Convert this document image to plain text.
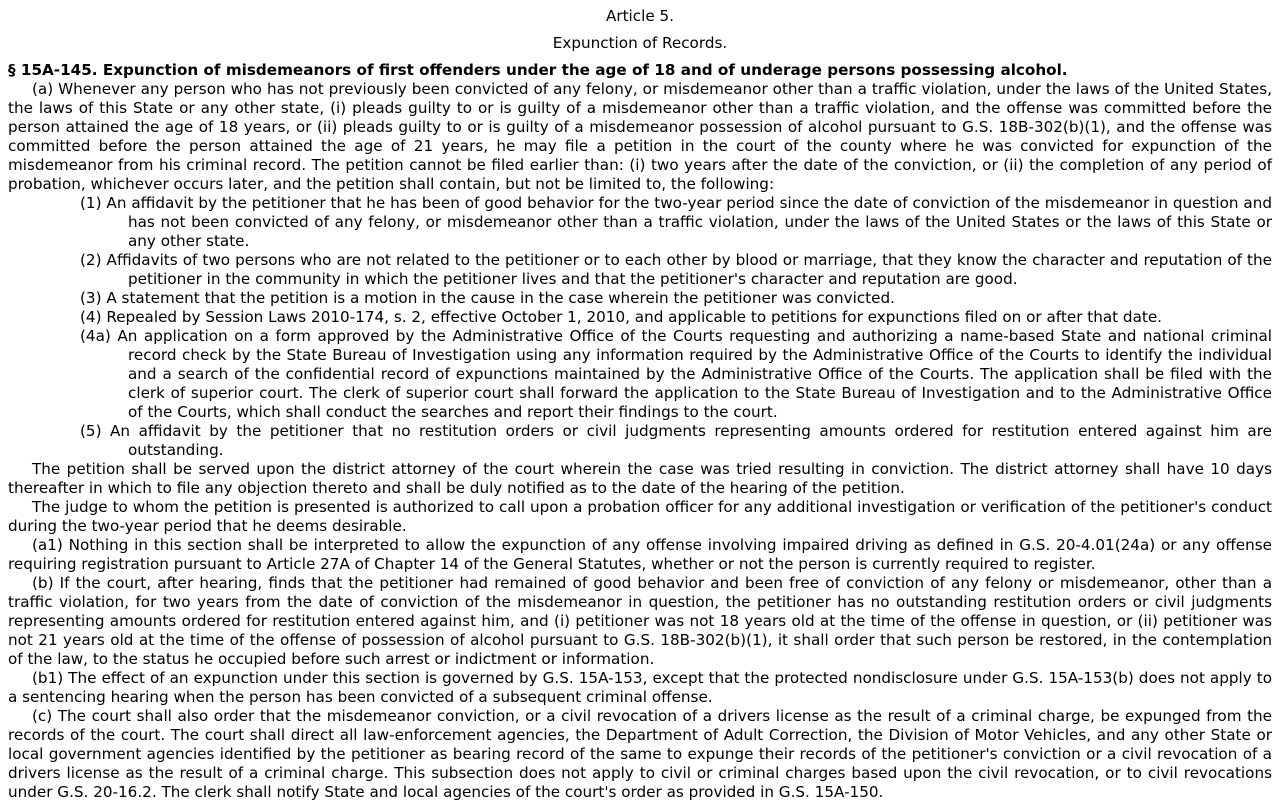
Article 5.
Expunction of Records.
§ 15A-145. Expunction of misdemeanors of first offenders under the age of 18 and of underage persons possessing alcohol.

(a) Whenever any person who has not previously been convicted of any felony, or misdemeanor other than a traffic violation, under the laws of the United States, the laws of this State or any other state, (i) pleads guilty to or is guilty of a misdemeanor other than a traffic violation, and the offense was committed before the person attained the age of 18 years, or (ii) pleads guilty to or is guilty of a misdemeanor possession of alcohol pursuant to G.S. 18B-302(b)(1), and the offense was committed before the person attained the age of 21 years, he may file a petition in the court of the county where he was convicted for expunction of the misdemeanor from his criminal record. The petition cannot be filed earlier than: (i) two years after the date of the conviction, or (ii) the completion of any period of probation, whichever occurs later, and the petition shall contain, but not be limited to, the following:

(1) An affidavit by the petitioner that he has been of good behavior for the two-year period since the date of conviction of the misdemeanor in question and has not been convicted of any felony, or misdemeanor other than a traffic violation, under the laws of the United States or the laws of this State or any other state.

(2) Affidavits of two persons who are not related to the petitioner or to each other by blood or marriage, that they know the character and reputation of the petitioner in the community in which the petitioner lives and that the petitioner's character and reputation are good.

(3) A statement that the petition is a motion in the cause in the case wherein the petitioner was convicted.

(4) Repealed by Session Laws 2010-174, s. 2, effective October 1, 2010, and applicable to petitions for expunctions filed on or after that date.

(4a) An application on a form approved by the Administrative Office of the Courts requesting and authorizing a name-based State and national criminal record check by the State Bureau of Investigation using any information required by the Administrative Office of the Courts to identify the individual and a search of the confidential record of expunctions maintained by the Administrative Office of the Courts. The application shall be filed with the clerk of superior court. The clerk of superior court shall forward the application to the State Bureau of Investigation and to the Administrative Office of the Courts, which shall conduct the searches and report their findings to the court.

(5) An affidavit by the petitioner that no restitution orders or civil judgments representing amounts ordered for restitution entered against him are outstanding.

The petition shall be served upon the district attorney of the court wherein the case was tried resulting in conviction. The district attorney shall have 10 days thereafter in which to file any objection thereto and shall be duly notified as to the date of the hearing of the petition.

The judge to whom the petition is presented is authorized to call upon a probation officer for any additional investigation or verification of the petitioner's conduct during the two-year period that he deems desirable.

(a1) Nothing in this section shall be interpreted to allow the expunction of any offense involving impaired driving as defined in G.S. 20-4.01(24a) or any offense requiring registration pursuant to Article 27A of Chapter 14 of the General Statutes, whether or not the person is currently required to register.

(b) If the court, after hearing, finds that the petitioner had remained of good behavior and been free of conviction of any felony or misdemeanor, other than a traffic violation, for two years from the date of conviction of the misdemeanor in question, the petitioner has no outstanding restitution orders or civil judgments representing amounts ordered for restitution entered against him, and (i) petitioner was not 18 years old at the time of the offense in question, or (ii) petitioner was not 21 years old at the time of the offense of possession of alcohol pursuant to G.S. 18B-302(b)(1), it shall order that such person be restored, in the contemplation of the law, to the status he occupied before such arrest or indictment or information.

(b1) The effect of an expunction under this section is governed by G.S. 15A-153, except that the protected nondisclosure under G.S. 15A-153(b) does not apply to a sentencing hearing when the person has been convicted of a subsequent criminal offense.

(c) The court shall also order that the misdemeanor conviction, or a civil revocation of a drivers license as the result of a criminal charge, be expunged from the records of the court. The court shall direct all law-enforcement agencies, the Department of Adult Correction, the Division of Motor Vehicles, and any other State or local government agencies identified by the petitioner as bearing record of the same to expunge their records of the petitioner's conviction or a civil revocation of a drivers license as the result of a criminal charge. This subsection does not apply to civil or criminal charges based upon the civil revocation, or to civil revocations under G.S. 20-16.2. The clerk shall notify State and local agencies of the court's order as provided in G.S. 15A-150.
